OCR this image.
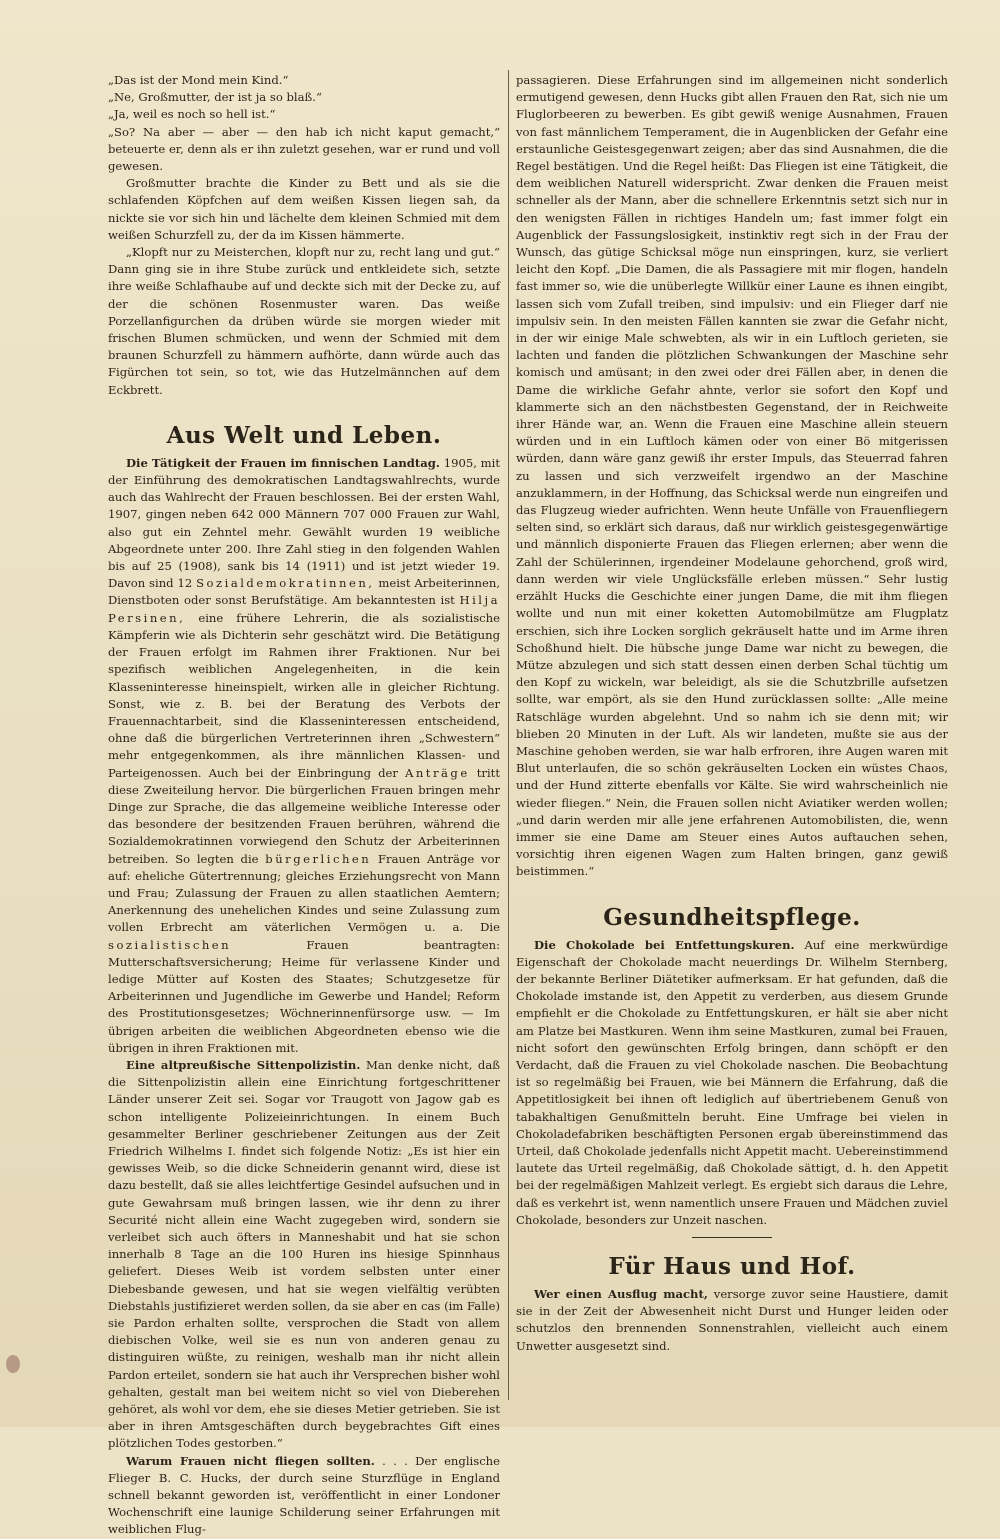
„Das ist der Mond mein Kind.“

„Ne, Großmutter, der ist ja so blaß.“

„Ja, weil es noch so hell ist.“

„So? Na aber — aber — den hab ich nicht kaput gemacht,“ beteuerte er, denn als er ihn zuletzt gesehen, war er rund und voll gewesen.

Großmutter brachte die Kinder zu Bett und als sie die schlafenden Köpfchen auf dem weißen Kissen liegen sah, da nickte sie vor sich hin und lächelte dem kleinen Schmied mit dem weißen Schurzfell zu, der da im Kissen hämmerte.

„Klopft nur zu Meisterchen, klopft nur zu, recht lang und gut.“ Dann ging sie in ihre Stube zurück und entkleidete sich, setzte ihre weiße Schlafhaube auf und deckte sich mit der Decke zu, auf der die schönen Rosenmuster waren. Das weiße Porzellanfigurchen da drüben würde sie morgen wieder mit frischen Blumen schmücken, und wenn der Schmied mit dem braunen Schurzfell zu hämmern aufhörte, dann würde auch das Figürchen tot sein, so tot, wie das Hutzelmännchen auf dem Eckbrett.

Aus Welt und Leben.

Die Tätigkeit der Frauen im finnischen Landtag. 1905, mit der Einführung des demokratischen Landtagswahlrechts, wurde auch das Wahlrecht der Frauen beschlossen. Bei der ersten Wahl, 1907, gingen neben 642 000 Männern 707 000 Frauen zur Wahl, also gut ein Zehntel mehr. Gewählt wurden 19 weibliche Abgeordnete unter 200. Ihre Zahl stieg in den folgenden Wahlen bis auf 25 (1908), sank bis 14 (1911) und ist jetzt wieder 19. Davon sind 12 Sozialdemokratinnen, meist Arbeiterinnen, Dienstboten oder sonst Berufstätige. Am bekanntesten ist Hilja Persinen, eine frühere Lehrerin, die als sozialistische Kämpferin wie als Dichterin sehr geschätzt wird. Die Betätigung der Frauen erfolgt im Rahmen ihrer Fraktionen. Nur bei spezifisch weiblichen Angelegenheiten, in die kein Klasseninteresse hineinspielt, wirken alle in gleicher Richtung. Sonst, wie z. B. bei der Beratung des Verbots der Frauennachtarbeit, sind die Klasseninteressen entscheidend, ohne daß die bürgerlichen Vertreterinnen ihren „Schwestern“ mehr entgegenkommen, als ihre männlichen Klassen- und Parteigenossen. Auch bei der Einbringung der Anträge tritt diese Zweiteilung hervor. Die bürgerlichen Frauen bringen mehr Dinge zur Sprache, die das allgemeine weibliche Interesse oder das besondere der besitzenden Frauen berühren, während die Sozialdemokratinnen vorwiegend den Schutz der Arbeiterinnen betreiben. So legten die bürgerlichen Frauen Anträge vor auf: eheliche Gütertrennung; gleiches Erziehungsrecht von Mann und Frau; Zulassung der Frauen zu allen staatlichen Aemtern; Anerkennung des unehelichen Kindes und seine Zulassung zum vollen Erbrecht am väterlichen Vermögen u. a. Die sozialistischen	Frauen beantragten: Mutterschaftsversicherung; Heime für verlassene Kinder und ledige Mütter auf Kosten des Staates; Schutzgesetze für Arbeiterinnen und Jugendliche im Gewerbe und Handel; Reform des Prostitutionsgesetzes; Wöchnerinnenfürsorge usw. — Im übrigen arbeiten die weiblichen Abgeordneten ebenso wie die übrigen in ihren Fraktionen mit.

Eine altpreußische Sittenpolizistin. Man denke nicht, daß die Sittenpolizistin allein eine Einrichtung fortgeschrittener Länder unserer Zeit sei. Sogar vor Traugott von Jagow gab es schon intelligente Polizeieinrichtungen. In einem Buch gesammelter Berliner geschriebener Zeitungen aus der Zeit Friedrich Wilhelms I. findet sich folgende Notiz: „Es ist hier ein gewisses Weib, so die dicke Schneiderin genannt wird, diese ist dazu bestellt, daß sie alles leichtfertige Gesindel aufsuchen und in gute Gewahrsam muß bringen lassen, wie ihr denn zu ihrer Securité nicht allein eine Wacht zugegeben wird, sondern sie verleibet sich auch öfters in Manneshabit und hat sie schon innerhalb 8 Tage an die 100 Huren ins hiesige Spinnhaus geliefert. Dieses Weib ist vordem selbsten unter einer Diebesbande gewesen, und hat sie wegen vielfältig verübten Diebstahls justifizieret werden sollen, da sie aber en cas (im Falle) sie Pardon erhalten sollte, versprochen die Stadt von allem diebischen Volke, weil sie es nun von anderen genau zu distinguiren wüßte, zu reinigen, weshalb man ihr nicht allein Pardon erteilet, sondern sie hat auch ihr Versprechen bisher wohl gehalten, gestalt man bei weitem nicht so viel von Dieberehen gehöret, als wohl vor dem, ehe sie dieses Metier getrieben. Sie ist aber in ihren Amtsgeschäften durch beygebrachtes Gift eines plötzlichen Todes gestorben.“

Warum Frauen nicht fliegen sollten. . . . Der englische Flieger B. C. Hucks, der durch seine Sturzflüge in England schnell bekannt geworden ist, veröffentlicht in einer Londoner Wochenschrift eine launige Schilderung seiner Erfahrungen mit weiblichen Flug-

passagieren. Diese Erfahrungen sind im allgemeinen nicht sonderlich ermutigend gewesen, denn Hucks gibt allen Frauen den Rat, sich nie um Fluglorbeeren zu bewerben. Es gibt gewiß wenige Ausnahmen, Frauen von fast männlichem Temperament, die in Augenblicken der Gefahr eine erstaunliche Geistesgegenwart zeigen; aber das sind Ausnahmen, die die Regel bestätigen. Und die Regel heißt: Das Fliegen ist eine Tätigkeit, die dem weiblichen Naturell widerspricht. Zwar denken die Frauen meist schneller als der Mann, aber die schnellere Erkenntnis setzt sich nur in den wenigsten Fällen in richtiges Handeln um; fast immer folgt ein Augenblick der Fassungslosigkeit, instinktiv regt sich in der Frau der Wunsch, das gütige Schicksal möge nun einspringen, kurz, sie verliert leicht den Kopf. „Die Damen, die als Passagiere mit mir flogen, handeln fast immer so, wie die unüberlegte Willkür einer Laune es ihnen eingibt, lassen sich vom Zufall treiben, sind impulsiv: und ein Flieger darf nie impulsiv sein. In den meisten Fällen kannten sie zwar die Gefahr nicht, in der wir einige Male schwebten, als wir in ein Luftloch gerieten, sie lachten und fanden die plötzlichen Schwankungen der Maschine sehr komisch und amüsant; in den zwei oder drei Fällen aber, in denen die Dame die wirkliche Gefahr ahnte, verlor sie sofort den Kopf und klammerte sich an den nächstbesten Gegenstand, der in Reichweite ihrer Hände war, an. Wenn die Frauen eine Maschine allein steuern würden und in ein Luftloch kämen oder von einer Bö mitgerissen würden, dann wäre ganz gewiß ihr erster Impuls, das Steuerrad fahren zu lassen und sich verzweifelt irgendwo an der Maschine anzuklammern, in der Hoffnung, das Schicksal werde nun eingreifen und das Flugzeug wieder aufrichten. Wenn heute Unfälle von Frauenfliegern selten sind, so erklärt sich daraus, daß nur wirklich geistesgegenwärtige und männlich disponierte Frauen das Fliegen erlernen; aber wenn die Zahl der Schülerinnen, irgendeiner Modelaune gehorchend, groß wird, dann werden wir viele Unglücksfälle erleben müssen.“ Sehr lustig erzählt Hucks die Geschichte einer jungen Dame, die mit ihm fliegen wollte und nun mit einer koketten Automobilmütze am Flugplatz erschien, sich ihre Locken sorglich gekräuselt hatte und im Arme ihren Schoßhund hielt. Die hübsche junge Dame war nicht zu bewegen, die Mütze abzulegen und sich statt dessen einen derben Schal tüchtig um den Kopf zu wickeln, war beleidigt, als sie die Schutzbrille aufsetzen sollte, war empört, als sie den Hund zurücklassen sollte: „Alle meine Ratschläge wurden abgelehnt. Und so nahm ich sie denn mit; wir blieben 20 Minuten in der Luft. Als wir landeten, mußte sie aus der Maschine gehoben werden, sie war halb erfroren, ihre Augen waren mit Blut unterlaufen, die so schön gekräuselten Locken ein wüstes Chaos, und der Hund zitterte ebenfalls vor Kälte. Sie wird wahrscheinlich nie wieder fliegen.“ Nein, die Frauen sollen nicht Aviatiker werden wollen; „und darin werden mir alle jene erfahrenen Automobilisten, die, wenn immer sie eine Dame am Steuer eines Autos auftauchen sehen, vorsichtig ihren eigenen Wagen zum Halten bringen, ganz gewiß beistimmen.“

Gesundheitspflege.

Die Chokolade bei Entfettungskuren. Auf eine merkwürdige Eigenschaft der Chokolade macht neuerdings Dr. Wilhelm Sternberg, der bekannte Berliner Diätetiker aufmerksam. Er hat gefunden, daß die Chokolade imstande ist, den Appetit zu verderben, aus diesem Grunde empfiehlt er die Chokolade zu Entfettungskuren, er hält sie aber nicht am Platze bei Mastkuren. Wenn ihm seine Mastkuren, zumal bei Frauen, nicht sofort den gewünschten Erfolg bringen, dann schöpft er den Verdacht, daß die Frauen zu viel Chokolade naschen. Die Beobachtung ist so regelmäßig bei Frauen, wie bei Männern die Erfahrung, daß die Appetitlosigkeit bei ihnen oft lediglich auf übertriebenem Genuß von tabakhaltigen Genußmitteln beruht. Eine Umfrage bei vielen in Chokoladefabriken beschäftigten Personen ergab übereinstimmend das Urteil, daß Chokolade jedenfalls nicht Appetit macht. Uebereinstimmend lautete das Urteil regelmäßig, daß Chokolade sättigt, d. h. den Appetit bei der regelmäßigen Mahlzeit verlegt. Es ergiebt sich daraus die Lehre, daß es verkehrt ist, wenn namentlich unsere Frauen und Mädchen zuviel Chokolade, besonders zur Unzeit naschen.

Für Haus und Hof.

Wer einen Ausflug macht, versorge zuvor seine Haustiere, damit sie in der Zeit der Abwesenheit nicht Durst und Hunger leiden oder schutzlos den brennenden Sonnenstrahlen, vielleicht auch einem Unwetter ausgesetzt sind.
